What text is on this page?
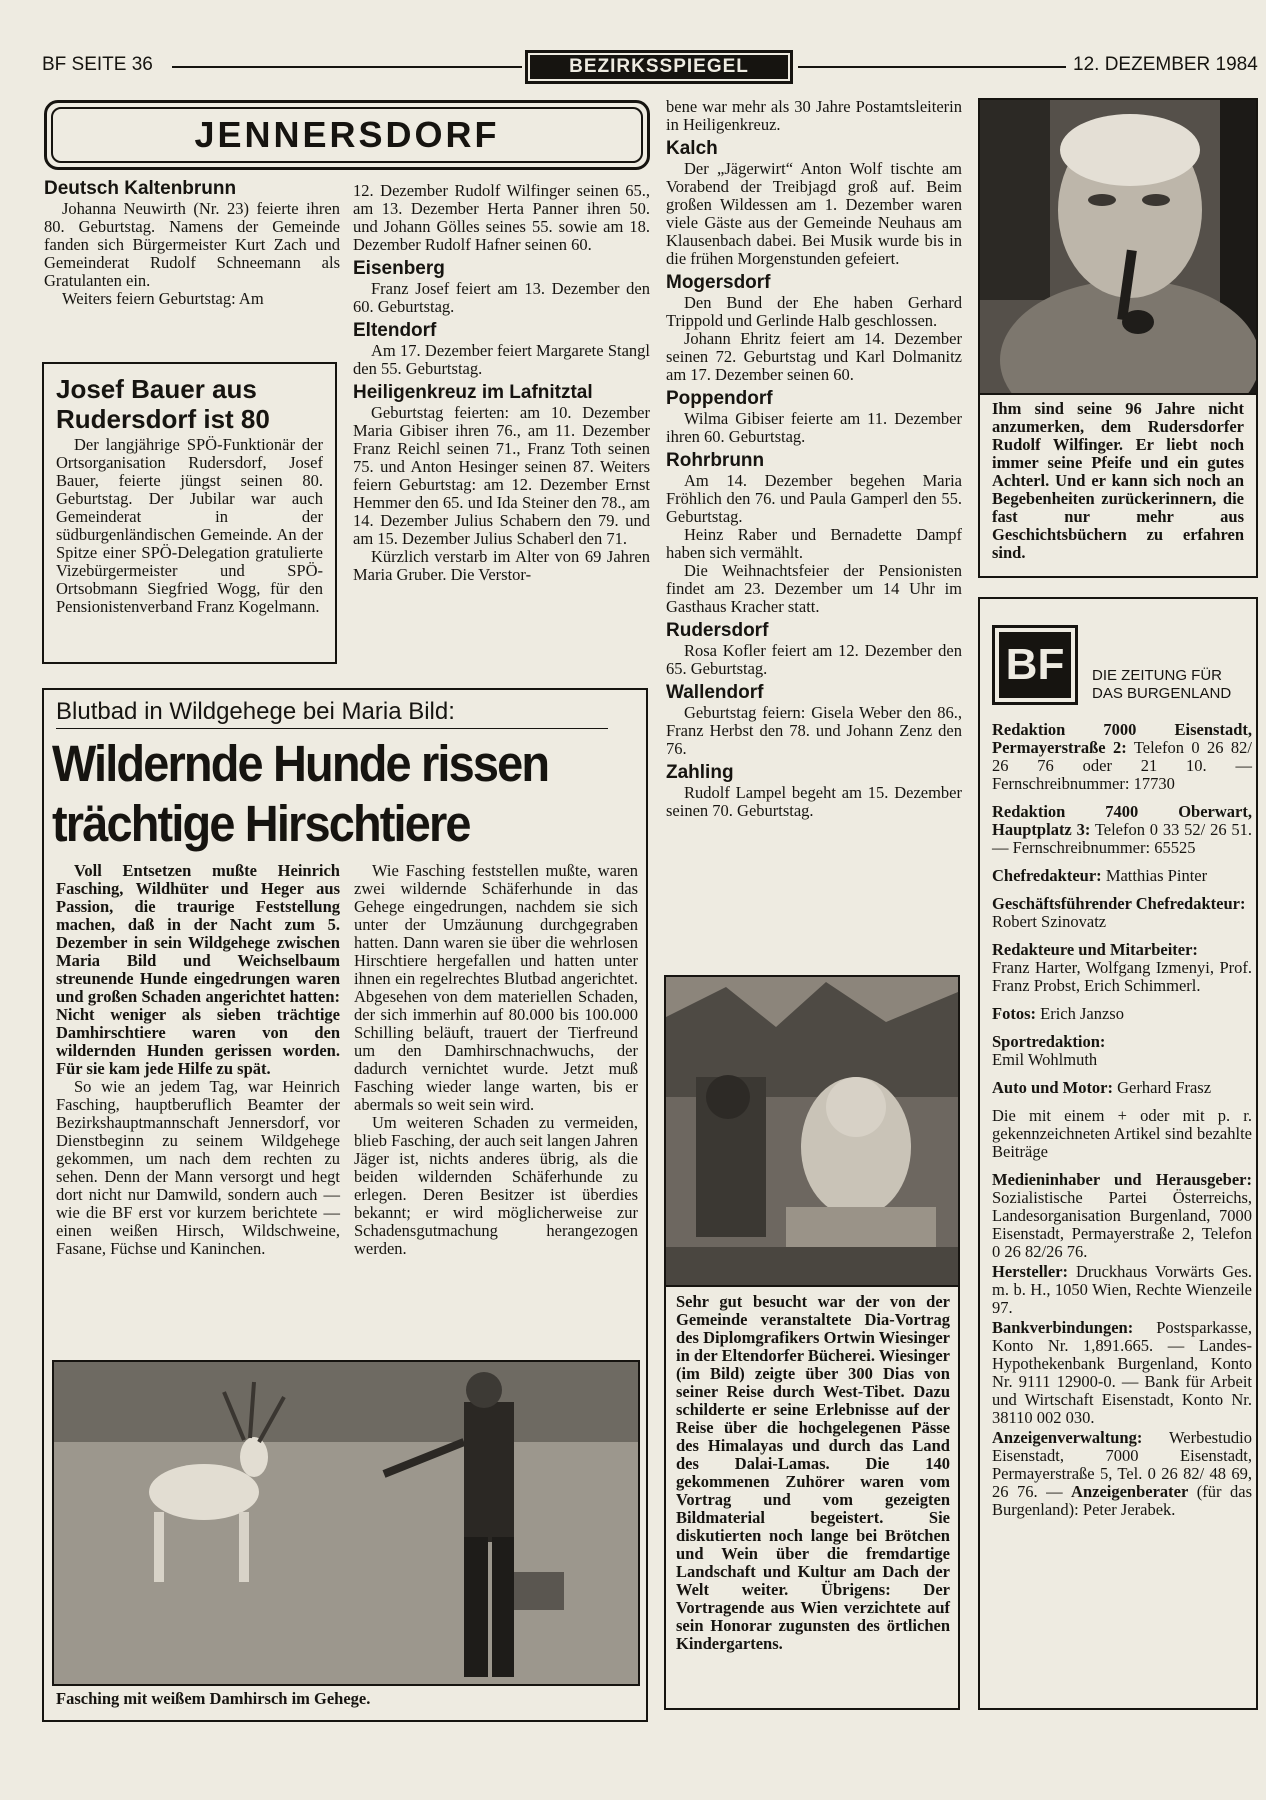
BF SEITE 36	BEZIRKSSPIEGEL	12. DEZEMBER 1984
JENNERSDORF
Deutsch Kaltenbrunn

Johanna Neuwirth (Nr. 23) feierte ihren 80. Geburtstag. Namens der Gemeinde fanden sich Bürgermeister Kurt Zach und Gemeinderat Rudolf Schneemann als Gratulanten ein.

Weiters feiern Geburtstag: Am

Josef Bauer aus Rudersdorf ist 80

Der langjährige SPÖ-Funktionär der Ortsorganisation Rudersdorf, Josef Bauer, feierte jüngst seinen 80. Geburtstag. Der Jubilar war auch Gemeinderat in der südburgenländischen Gemeinde. An der Spitze einer SPÖ-Delegation gratulierte Vizebürgermeister und SPÖ-Ortsobmann Siegfried Wogg, für den Pensionistenverband Franz Kogelmann.

12. Dezember Rudolf Wilfinger seinen 65., am 13. Dezember Herta Panner ihren 50. und Johann Gölles seines 55. sowie am 18. Dezember Rudolf Hafner seinen 60.

Eisenberg

Franz Josef feiert am 13. Dezember den 60. Geburtstag.

Eltendorf

Am 17. Dezember feiert Margarete Stangl den 55. Geburtstag.

Heiligenkreuz im Lafnitztal

Geburtstag feierten: am 10. Dezember Maria Gibiser ihren 76., am 11. Dezember Franz Reichl seinen 71., Franz Toth seinen 75. und Anton Hesinger seinen 87. Weiters feiern Geburtstag: am 12. Dezember Ernst Hemmer den 65. und Ida Steiner den 78., am 14. Dezember Julius Schabern den 79. und am 15. Dezember Julius Schaberl den 71.

Kürzlich verstarb im Alter von 69 Jahren Maria Gruber. Die Verstor-

bene war mehr als 30 Jahre Postamtsleiterin in Heiligenkreuz.

Kalch

Der „Jägerwirt“ Anton Wolf tischte am Vorabend der Treibjagd groß auf. Beim großen Wildessen am 1. Dezember waren viele Gäste aus der Gemeinde Neuhaus am Klausenbach dabei. Bei Musik wurde bis in die frühen Morgenstunden gefeiert.

Mogersdorf

Den Bund der Ehe haben Gerhard Trippold und Gerlinde Halb geschlossen.

Johann Ehritz feiert am 14. Dezember seinen 72. Geburtstag und Karl Dolmanitz am 17. Dezember seinen 60.

Poppendorf

Wilma Gibiser feierte am 11. Dezember ihren 60. Geburtstag.

Rohrbrunn

Am 14. Dezember begehen Maria Fröhlich den 76. und Paula Gamperl den 55. Geburtstag.

Heinz Raber und Bernadette Dampf haben sich vermählt.

Die Weihnachtsfeier der Pensionisten findet am 23. Dezember um 14 Uhr im Gasthaus Kracher statt.

Rudersdorf

Rosa Kofler feiert am 12. Dezember den 65. Geburtstag.

Wallendorf

Geburtstag feiern: Gisela Weber den 86., Franz Herbst den 78. und Johann Zenz den 76.

Zahling

Rudolf Lampel begeht am 15. Dezember seinen 70. Geburtstag.

Sehr gut besucht war der von der Gemeinde veranstaltete Dia-Vortrag des Diplomgrafikers Ortwin Wiesinger in der Eltendorfer Bücherei. Wiesinger (im Bild) zeigte über 300 Dias von seiner Reise durch West-Tibet. Dazu schilderte er seine Erlebnisse auf der Reise über die hochgelegenen Pässe des Himalayas und durch das Land des Dalai-Lamas. Die 140 gekommenen Zuhörer waren vom Vortrag und vom gezeigten Bildmaterial begeistert. Sie diskutierten noch lange bei Brötchen und Wein über die fremdartige Landschaft und Kultur am Dach der Welt weiter. Übrigens: Der Vortragende aus Wien verzichtete auf sein Honorar zugunsten des örtlichen Kindergartens.
Ihm sind seine 96 Jahre nicht anzumerken, dem Rudersdorfer Rudolf Wilfinger. Er liebt noch immer seine Pfeife und ein gutes Achterl. Und er kann sich noch an Begebenheiten zurückerinnern, die fast nur mehr aus Geschichtsbüchern zu erfahren sind.
BF	DIE ZEITUNG FÜR
DAS BURGENLAND

Redaktion 7000 Eisenstadt, Permayerstraße 2: Telefon 0 26 82/ 26 76 oder 21 10. — Fernschreibnummer: 17730

Redaktion 7400 Oberwart, Hauptplatz 3: Telefon 0 33 52/ 26 51. — Fernschreibnummer: 65525

Chefredakteur: Matthias Pinter

Geschäftsführender Chefredakteur:
Robert Szinovatz

Redakteure und Mitarbeiter:
Franz Harter, Wolfgang Izmenyi, Prof. Franz Probst, Erich Schimmerl.

Fotos: Erich Janzso

Sportredaktion:
Emil Wohlmuth

Auto und Motor: Gerhard Frasz

Die mit einem + oder mit p. r. gekennzeichneten Artikel sind bezahlte Beiträge

Medieninhaber und Herausgeber: Sozialistische Partei Österreichs, Landesorganisation Burgenland, 7000 Eisenstadt, Permayerstraße 2, Telefon 0 26 82/26 76.

Hersteller: Druckhaus Vorwärts Ges. m. b. H., 1050 Wien, Rechte Wienzeile 97.

Bankverbindungen: Postsparkasse, Konto Nr. 1,891.665. — Landes-Hypothekenbank Burgenland, Konto Nr. 9111 12900-0. — Bank für Arbeit und Wirtschaft Eisenstadt, Konto Nr. 38110 002 030.

Anzeigenverwaltung: Werbestudio Eisenstadt, 7000 Eisenstadt, Permayerstraße 5, Tel. 0 26 82/ 48 69, 26 76. — Anzeigenberater (für das Burgenland): Peter Jerabek.

Blutbad in Wildgehege bei Maria Bild:
Wildernde Hunde rissen
trächtige Hirschtiere

Voll Entsetzen mußte Heinrich Fasching, Wildhüter und Heger aus Passion, die traurige Feststellung machen, daß in der Nacht zum 5. Dezember in sein Wildgehege zwischen Maria Bild und Weichselbaum streunende Hunde eingedrungen waren und großen Schaden angerichtet hatten: Nicht weniger als sieben trächtige Damhirschtiere waren von den wildernden Hunden gerissen worden. Für sie kam jede Hilfe zu spät.

So wie an jedem Tag, war Heinrich Fasching, hauptberuflich Beamter der Bezirkshauptmannschaft Jennersdorf, vor Dienstbeginn zu seinem Wildgehege gekommen, um nach dem rechten zu sehen. Denn der Mann versorgt und hegt dort nicht nur Damwild, sondern auch — wie die BF erst vor kurzem berichtete — einen weißen Hirsch, Wildschweine, Fasane, Füchse und Kaninchen.

Wie Fasching feststellen mußte, waren zwei wildernde Schäferhunde in das Gehege eingedrungen, nachdem sie sich unter der Umzäunung durchgegraben hatten. Dann waren sie über die wehrlosen Hirschtiere hergefallen und hatten unter ihnen ein regelrechtes Blutbad angerichtet. Abgesehen von dem materiellen Schaden, der sich immerhin auf 80.000 bis 100.000 Schilling beläuft, trauert der Tierfreund um den Damhirschnachwuchs, der dadurch vernichtet wurde. Jetzt muß Fasching wieder lange warten, bis er abermals so weit sein wird.

Um weiteren Schaden zu vermeiden, blieb Fasching, der auch seit langen Jahren Jäger ist, nichts anderes übrig, als die beiden wildernden Schäferhunde zu erlegen. Deren Besitzer ist überdies bekannt; er wird möglicherweise zur Schadensgutmachung herangezogen werden.

Fasching mit weißem Damhirsch im Gehege.
